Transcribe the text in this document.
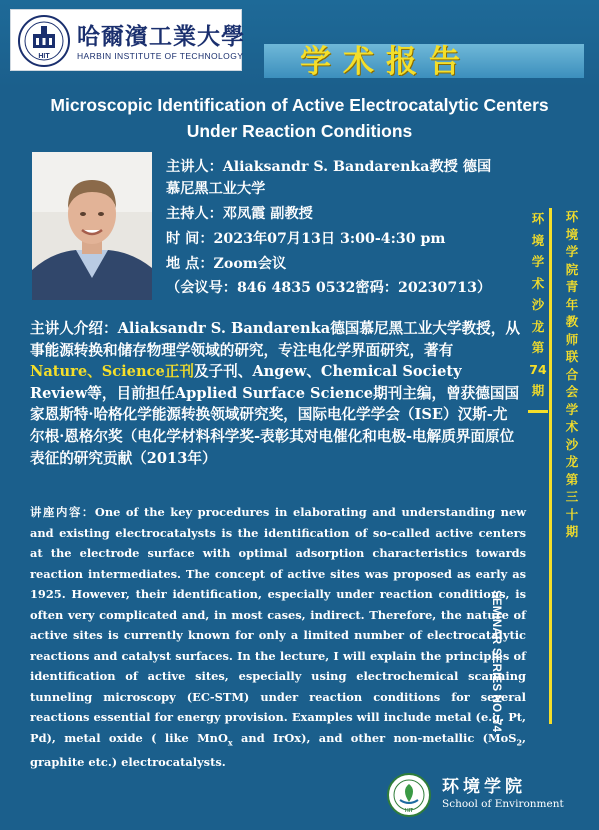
HIT
哈爾濱工業大學
HARBIN INSTITUTE OF TECHNOLOGY 学术报告
Microscopic Identification of Active Electrocatalytic Centers
Under Reaction Conditions
主讲人：Aliaksandr S. Bandarenka教授 德国
慕尼黑工业大学
主持人：邓凤霞 副教授
时 间：2023年07月13日 3:00-4:30 pm
地 点：Zoom会议
（会议号：846 4835 0532密码：20230713）
环
境
学
术
沙
龙
第
74
期
环
境
学
院
青
年
教
师
联
合
会
学
术
沙
龙
第
三
十
期
SEMINAR SERIES NO. 74
主讲人介绍：Aliaksandr S. Bandarenka德国慕尼黑工业大学教授，从事能源转换和储存物理学领域的研究，专注电化学界面研究，著有Nature、Science正刊及子刊、Angew、Chemical Society Review等，目前担任Applied Surface Science期刊主编，曾获德国国家恩斯特·哈格化学能源转换领域研究奖，国际电化学学会（ISE）汉斯-尤尔根·恩格尔奖（电化学材料科学奖-表彰其对电催化和电极-电解质界面原位表征的研究贡献（2013年）
讲座内容：One of the key procedures in elaborating and understanding new and existing electrocatalysts is the identification of so-called active centers at the electrode surface with optimal adsorption characteristics towards reaction intermediates. The concept of active sites was proposed as early as 1925. However, their identification, especially under reaction conditions, is often very complicated and, in most cases, indirect. Therefore, the nature of active sites is currently known for only a limited number of electrocatalytic reactions and catalyst surfaces. In the lecture, I will explain the principles of identification of active sites, especially using electrochemical scanning tunneling microscopy (EC-STM) under reaction conditions for several reactions essential for energy provision. Examples will include metal (e.g. Pt, Pd), metal oxide ( like MnO$_x$ and IrOx), and other non-metallic (MoS$_2$, graphite etc.) electrocatalysts.
HIT
环境学院
School of Environment
